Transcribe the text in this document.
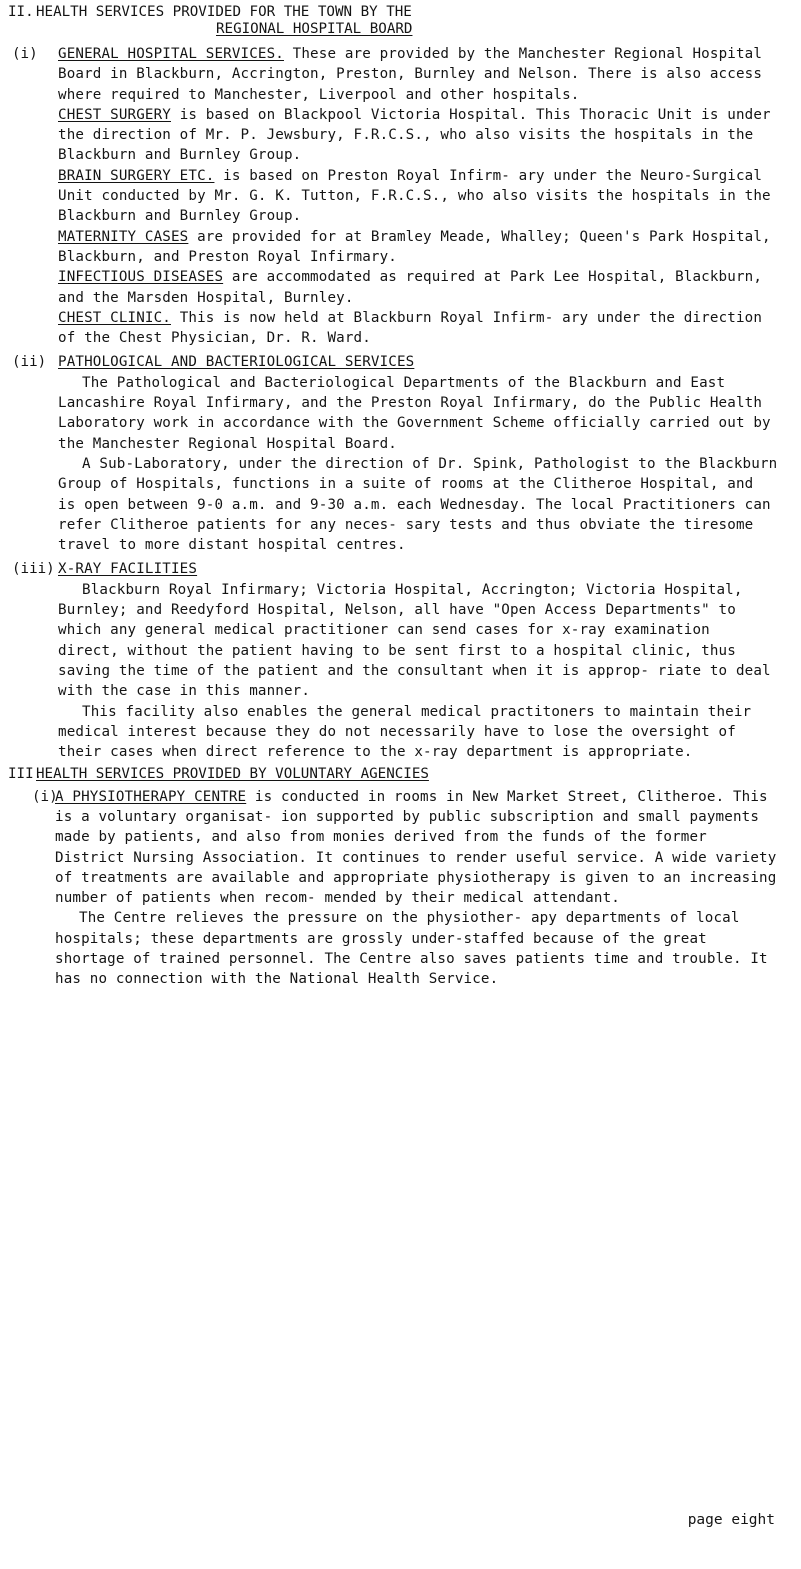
II. HEALTH SERVICES PROVIDED FOR THE TOWN BY THE
REGIONAL HOSPITAL BOARD
(i) GENERAL HOSPITAL SERVICES. These are provided by the Manchester Regional Hospital Board in Blackburn, Accrington, Preston, Burnley and Nelson. There is also access where required to Manchester, Liverpool and other hospitals.

CHEST SURGERY is based on Blackpool Victoria Hospital. This Thoracic Unit is under the direction of Mr. P. Jewsbury, F.R.C.S., who also visits the hospitals in the Blackburn and Burnley Group.

BRAIN SURGERY ETC. is based on Preston Royal Infirm- ary under the Neuro-Surgical Unit conducted by Mr. G. K. Tutton, F.R.C.S., who also visits the hospitals in the Blackburn and Burnley Group.

MATERNITY CASES are provided for at Bramley Meade, Whalley; Queen's Park Hospital, Blackburn, and Preston Royal Infirmary.

INFECTIOUS DISEASES are accommodated as required at Park Lee Hospital, Blackburn, and the Marsden Hospital, Burnley.

CHEST CLINIC. This is now held at Blackburn Royal Infirm- ary under the direction of the Chest Physician, Dr. R. Ward.

(ii) PATHOLOGICAL AND BACTERIOLOGICAL SERVICES

The Pathological and Bacteriological Departments of the Blackburn and East Lancashire Royal Infirmary, and the Preston Royal Infirmary, do the Public Health Laboratory work in accordance with the Government Scheme officially carried out by the Manchester Regional Hospital Board.

A Sub-Laboratory, under the direction of Dr. Spink, Pathologist to the Blackburn Group of Hospitals, functions in a suite of rooms at the Clitheroe Hospital, and is open between 9-0 a.m. and 9-30 a.m. each Wednesday. The local Practitioners can refer Clitheroe patients for any neces- sary tests and thus obviate the tiresome travel to more distant hospital centres.

(iii) X-RAY FACILITIES

Blackburn Royal Infirmary; Victoria Hospital, Accrington; Victoria Hospital, Burnley; and Reedyford Hospital, Nelson, all have "Open Access Departments" to which any general medical practitioner can send cases for x-ray examination direct, without the patient having to be sent first to a hospital clinic, thus saving the time of the patient and the consultant when it is approp- riate to deal with the case in this manner.

This facility also enables the general medical practitoners to maintain their medical interest because they do not necessarily have to lose the oversight of their cases when direct reference to the x-ray department is appropriate.

III.
HEALTH SERVICES PROVIDED BY VOLUNTARY AGENCIES
(i)

A PHYSIOTHERAPY CENTRE is conducted in rooms in New Market Street, Clitheroe. This is a voluntary organisat- ion supported by public subscription and small payments made by patients, and also from monies derived from the funds of the former District Nursing Association. It continues to render useful service. A wide variety of treatments are available and appropriate physiotherapy is given to an increasing number of patients when recom- mended by their medical attendant.

The Centre relieves the pressure on the physiother- apy departments of local hospitals; these departments are grossly under-staffed because of the great shortage of trained personnel. The Centre also saves patients time and trouble. It has no connection with the National Health Service.

page eight
